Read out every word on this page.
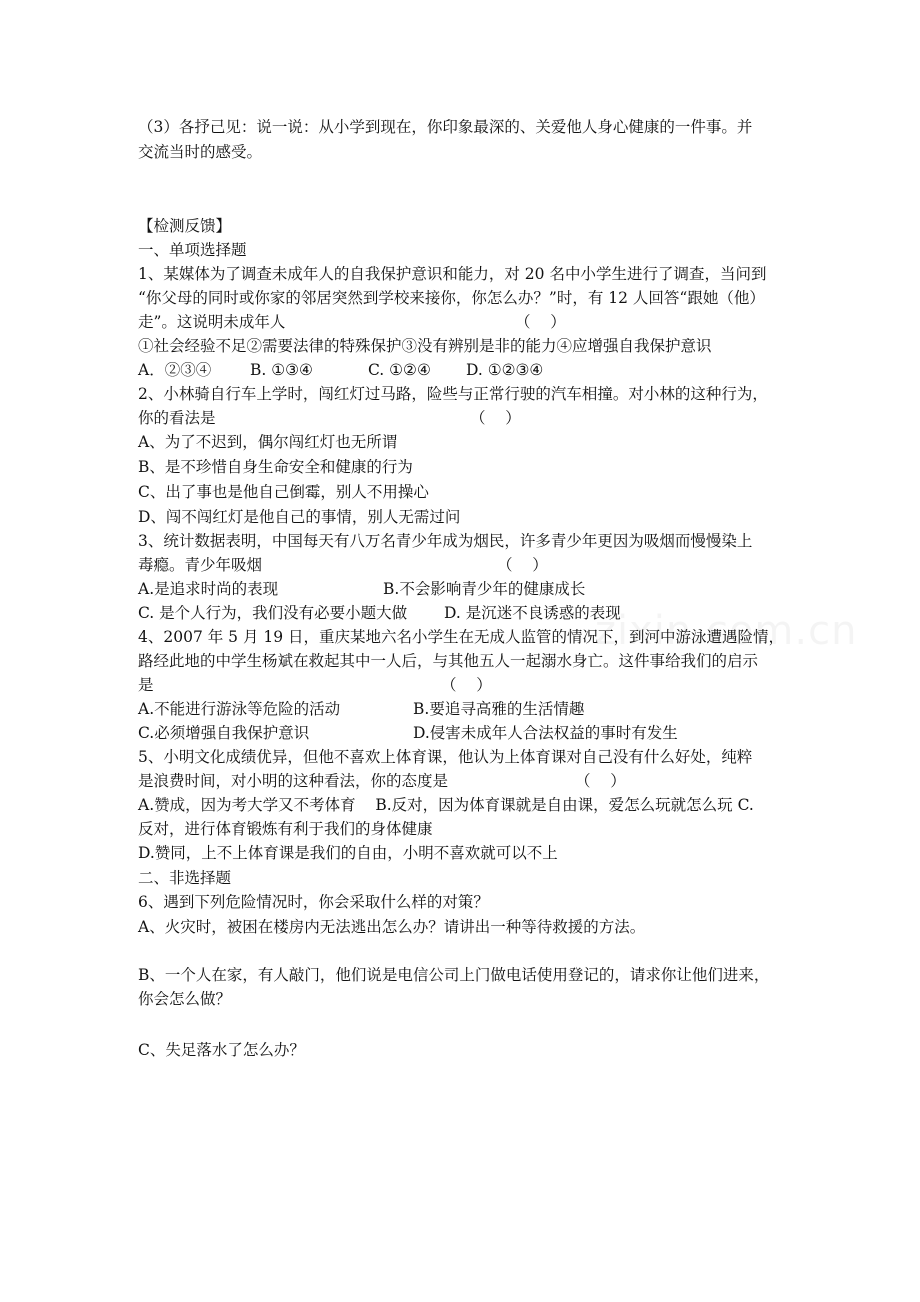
（3）各抒己见：说一说：从小学到现在，你印象最深的、关爱他人身心健康的一件事。并
交流当时的感受。
【检测反馈】
一、单项选择题
1、某媒体为了调查未成年人的自我保护意识和能力，对 20 名中小学生进行了调查，当问到
“你父母的同时或你家的邻居突然到学校来接你，你怎么办？”时，有 12 人回答“跟她（他）
走”。这说明未成年人	（    ）
①社会经验不足②需要法律的特殊保护③没有辨别是非的能力④应增强自我保护意识
A．②③④	B. ①③④	C. ①②④ D. ①②③④
2、小林骑自行车上学时，闯红灯过马路，险些与正常行驶的汽车相撞。对小林的这种行为，
你的看法是	（    ）
A、为了不迟到，偶尔闯红灯也无所谓
B、是不珍惜自身生命安全和健康的行为
C、出了事也是他自己倒霉，别人不用操心
D、闯不闯红灯是他自己的事情，别人无需过问
3、统计数据表明，中国每天有八万名青少年成为烟民，许多青少年更因为吸烟而慢慢染上
毒瘾。青少年吸烟	（    ）
A.是追求时尚的表现	B.不会影响青少年的健康成长
C. 是个人行为，我们没有必要小题大做 D. 是沉迷不良诱惑的表现
4、2007 年 5 月 19 日，重庆某地六名小学生在无成人监管的情况下，到河中游泳遭遇险情，
路经此地的中学生杨斌在救起其中一人后，与其他五人一起溺水身亡。这件事给我们的启示
是	（    ）
A.不能进行游泳等危险的活动	B.要追寻高雅的生活情趣
C.必须增强自我保护意识	D.侵害未成年人合法权益的事时有发生
5、小明文化成绩优异，但他不喜欢上体育课，他认为上体育课对自己没有什么好处，纯粹
是浪费时间，对小明的这种看法，你的态度是	（    ）
A.赞成，因为考大学又不考体育    B.反对，因为体育课就是自由课，爱怎么玩就怎么玩 C.
反对，进行体育锻炼有利于我们的身体健康
D.赞同，上不上体育课是我们的自由，小明不喜欢就可以不上
二、非选择题
6、遇到下列危险情况时，你会采取什么样的对策？
A、火灾时，被困在楼房内无法逃出怎么办？请讲出一种等待救援的方法。
B、一个人在家，有人敲门，他们说是电信公司上门做电话使用登记的，请求你让他们进来，
你会怎么做？
C、失足落水了怎么办？
